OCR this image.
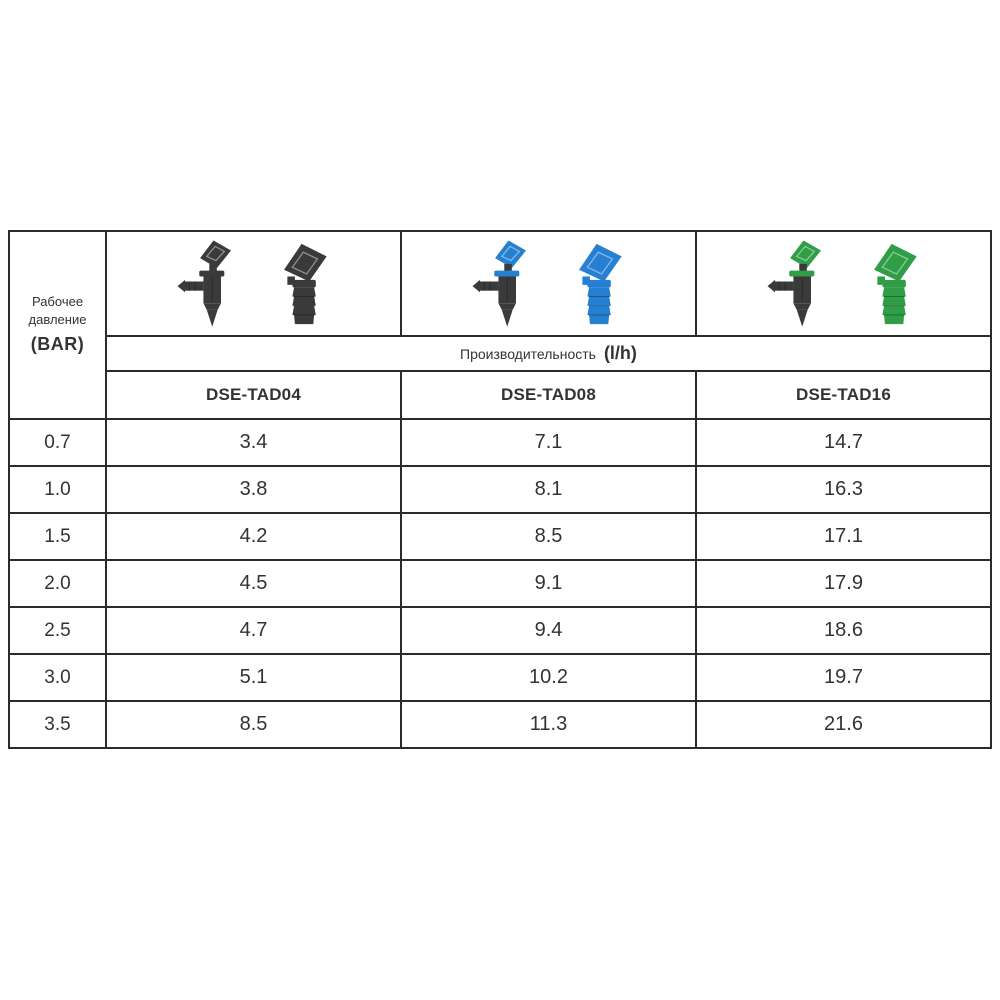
Рабочее
давление
(BAR)

	Производительность (l/h)		
	DSE-TAD04	DSE-TAD08	DSE-TAD16
0.7	3.4	7.1	14.7
1.0	3.8	8.1	16.3
1.5	4.2	8.5	17.1
2.0	4.5	9.1	17.9
2.5	4.7	9.4	18.6
3.0	5.1	10.2	19.7
3.5	8.5	11.3	21.6
